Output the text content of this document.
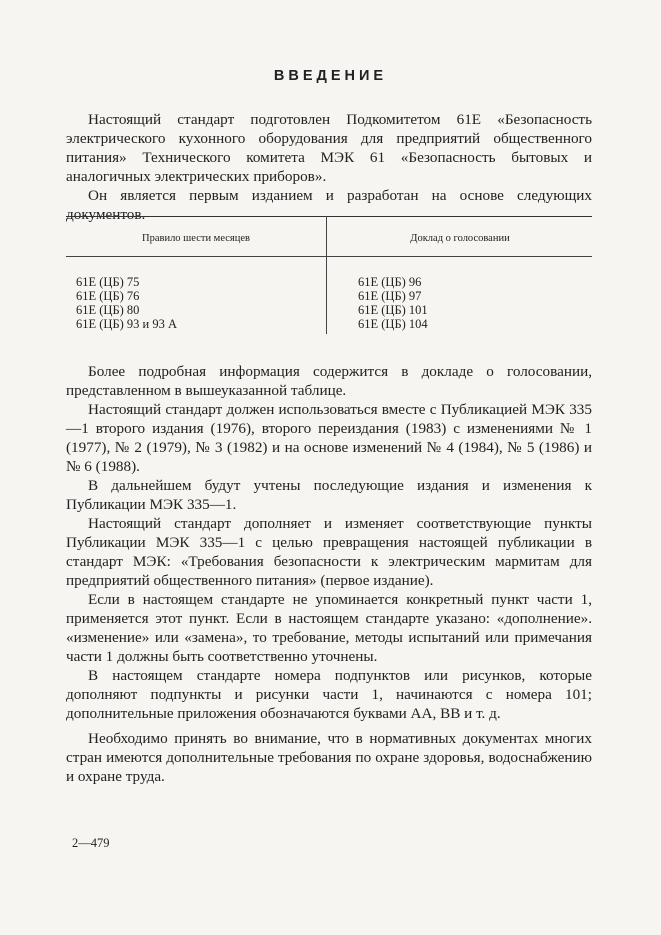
ВВЕДЕНИЕ

Настоящий стандарт подготовлен Подкомитетом 61E «Безопасность электрического кухонного оборудования для предприятий общественного питания» Технического комитета МЭК 61 «Безопасность бытовых и аналогичных электрических приборов».

Он является первым изданием и разработан на основе следующих документов.

Правило шести месяцев	Доклад о голосовании
61E (ЦБ) 75
61E (ЦБ) 76
61E (ЦБ) 80
61E (ЦБ) 93 и 93 А
61E (ЦБ) 96
61E (ЦБ) 97
61E (ЦБ) 101
61E (ЦБ) 104

Более подробная информация содержится в докладе о голосовании, представленном в вышеуказанной таблице.

Настоящий стандарт должен использоваться вместе с Публикацией МЭК 335—1 второго издания (1976), второго переиздания (1983) с изменениями № 1 (1977), № 2 (1979), № 3 (1982) и на основе изменений № 4 (1984), № 5 (1986) и № 6 (1988).

В дальнейшем будут учтены последующие издания и изменения к Публикации МЭК 335—1.

Настоящий стандарт дополняет и изменяет соответствующие пункты Публикации МЭК 335—1 с целью превращения настоящей публикации в стандарт МЭК: «Требования безопасности к электрическим мармитам для предприятий общественного питания» (первое издание).

Если в настоящем стандарте не упоминается конкретный пункт части 1, применяется этот пункт. Если в настоящем стандарте указано: «дополнение». «изменение» или «замена», то требование, методы испытаний или примечания части 1 должны быть соответственно уточнены.

В настоящем стандарте номера подпунктов или рисунков, которые дополняют подпункты и рисунки части 1, начинаются с номера 101; дополнительные приложения обозначаются буквами АА, ВВ и т. д.

Необходимо принять во внимание, что в нормативных документах многих стран имеются дополнительные требования по охране здоровья, водоснабжению и охране труда.

2—479
